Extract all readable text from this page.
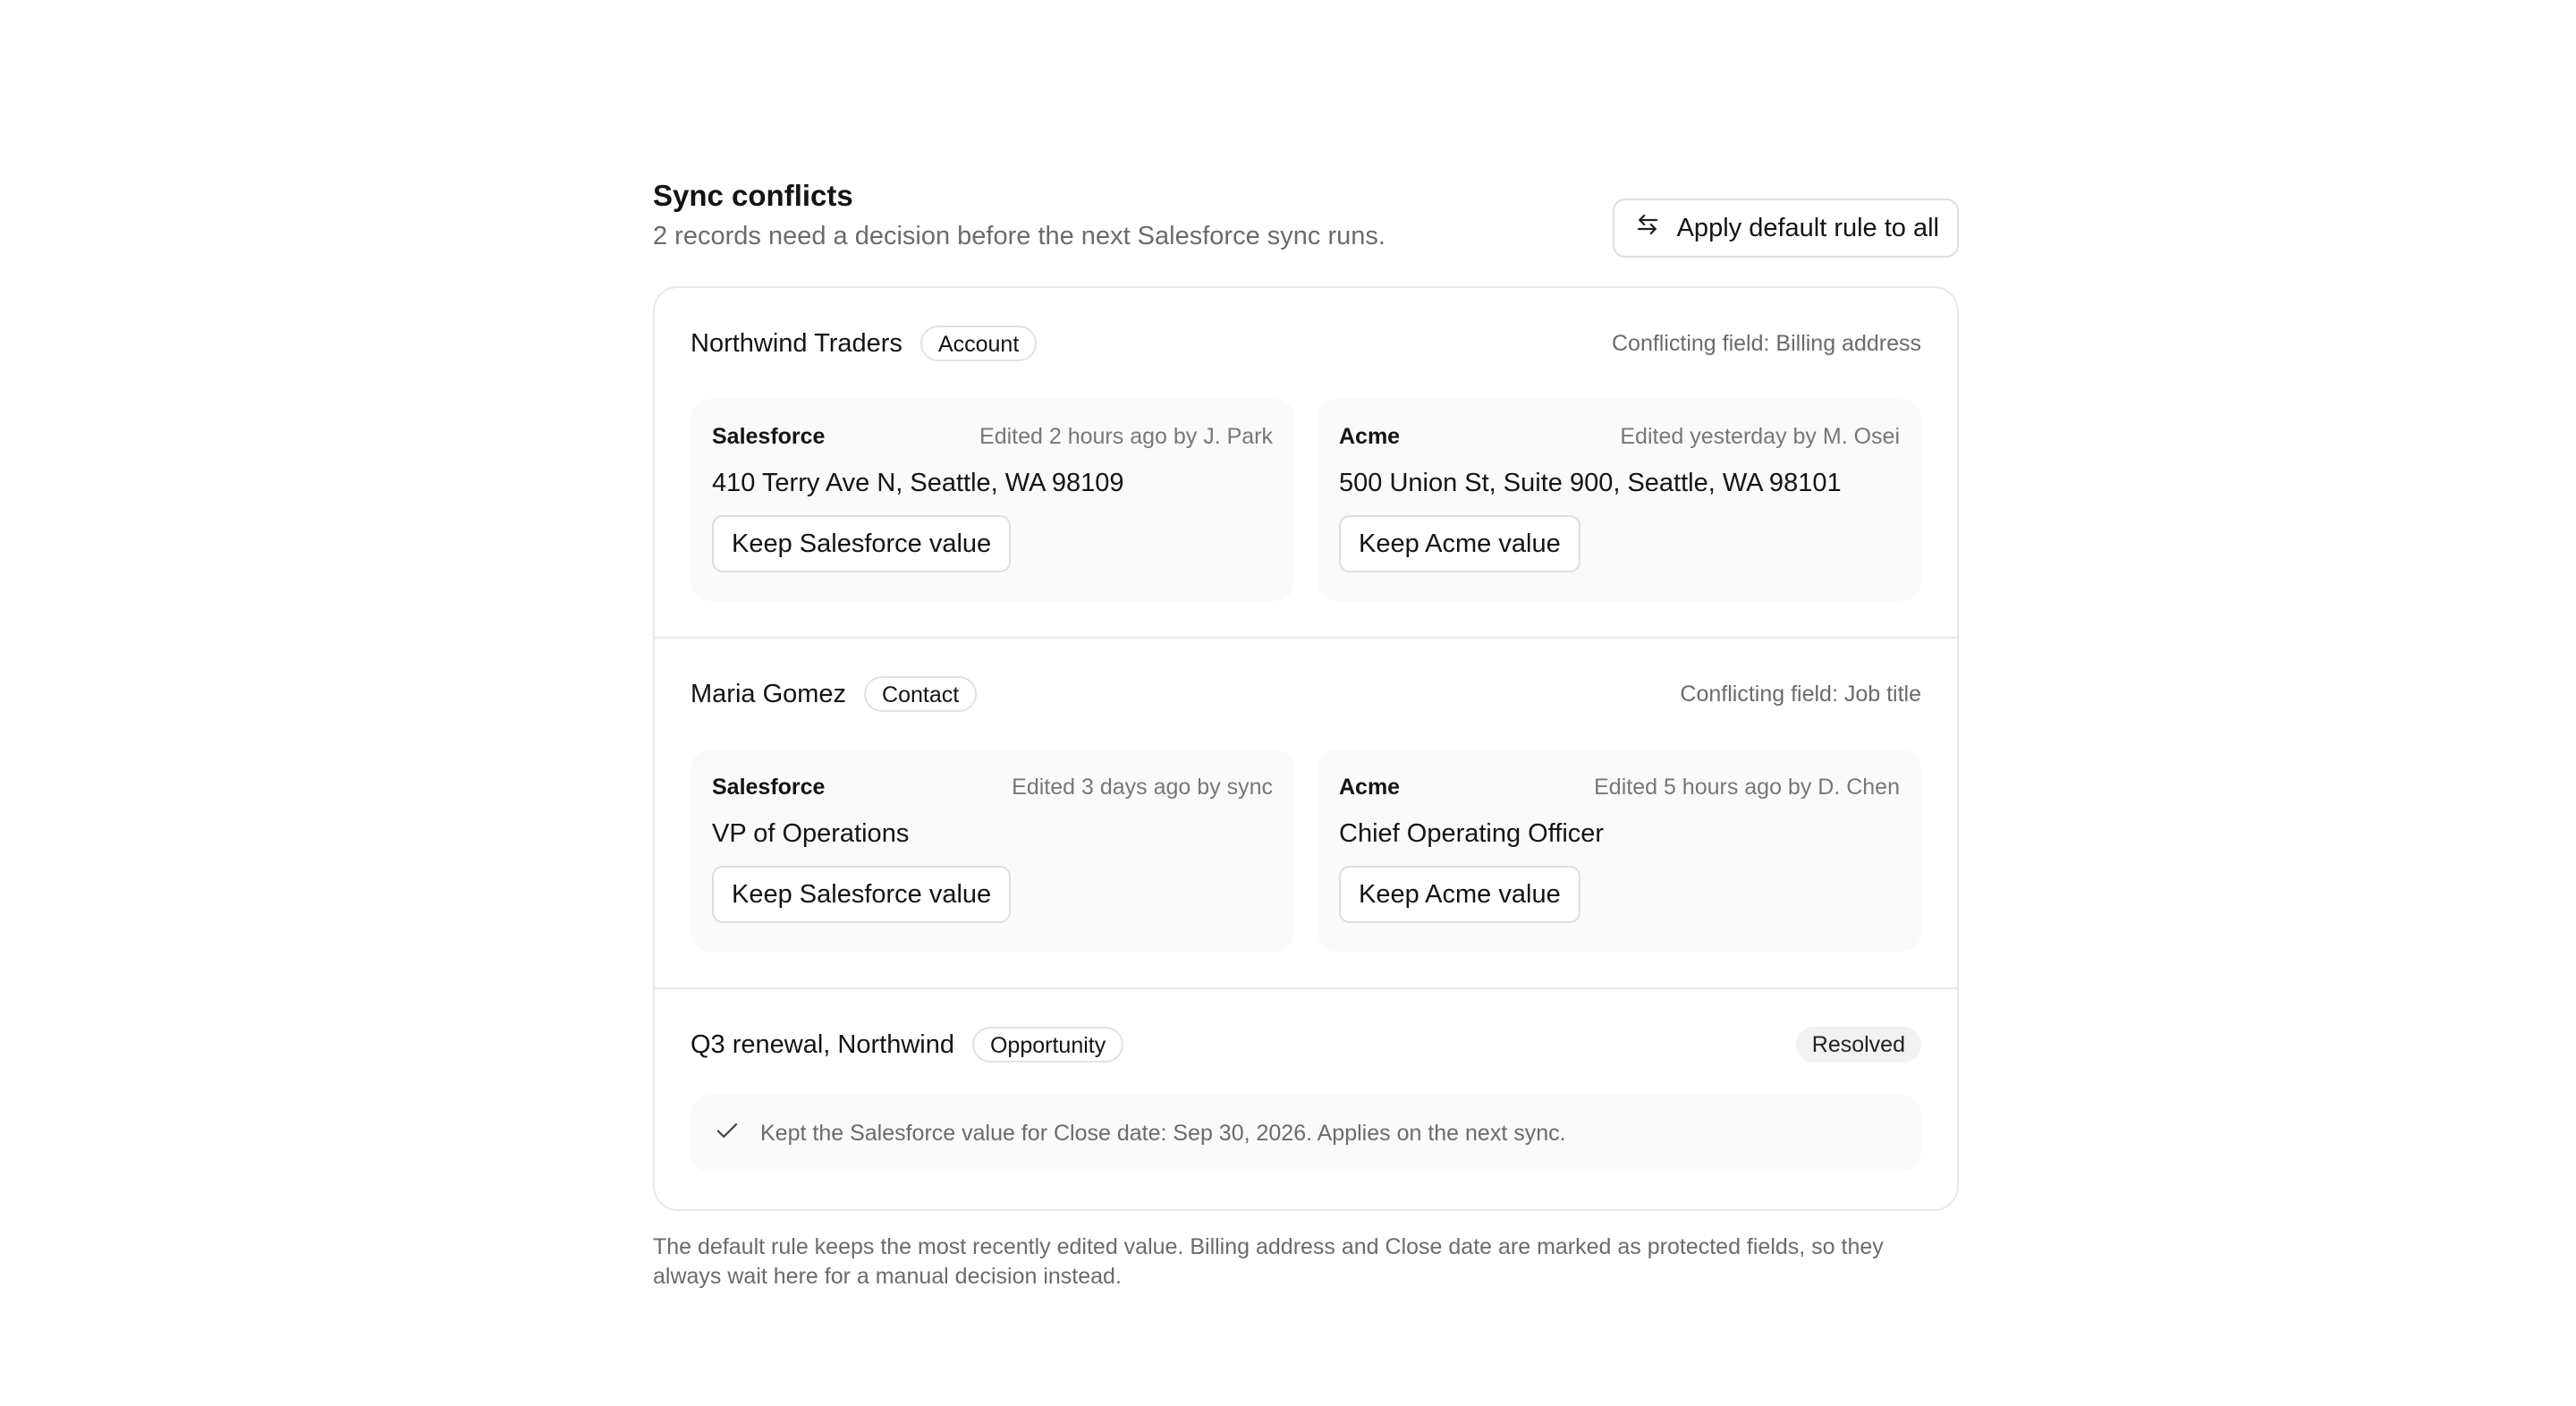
Sync conflicts
2 records need a decision before the next Salesforce sync runs.	Apply default rule to all
Northwind Traders	Account	Conflicting field: Billing address
Salesforce	Edited 2 hours ago by J. Park
410 Terry Ave N, Seattle, WA 98109
Keep Salesforce value
Acme	Edited yesterday by M. Osei
500 Union St, Suite 900, Seattle, WA 98101
Keep Acme value
Maria Gomez	Contact	Conflicting field: Job title
Salesforce	Edited 3 days ago by sync
VP of Operations
Keep Salesforce value
Acme	Edited 5 hours ago by D. Chen
Chief Operating Officer
Keep Acme value
Q3 renewal, Northwind	Opportunity	Resolved
Kept the Salesforce value for Close date: Sep 30, 2026. Applies on the next sync.
The default rule keeps the most recently edited value. Billing address and Close date are marked as protected fields, so they always wait here for a manual decision instead.
